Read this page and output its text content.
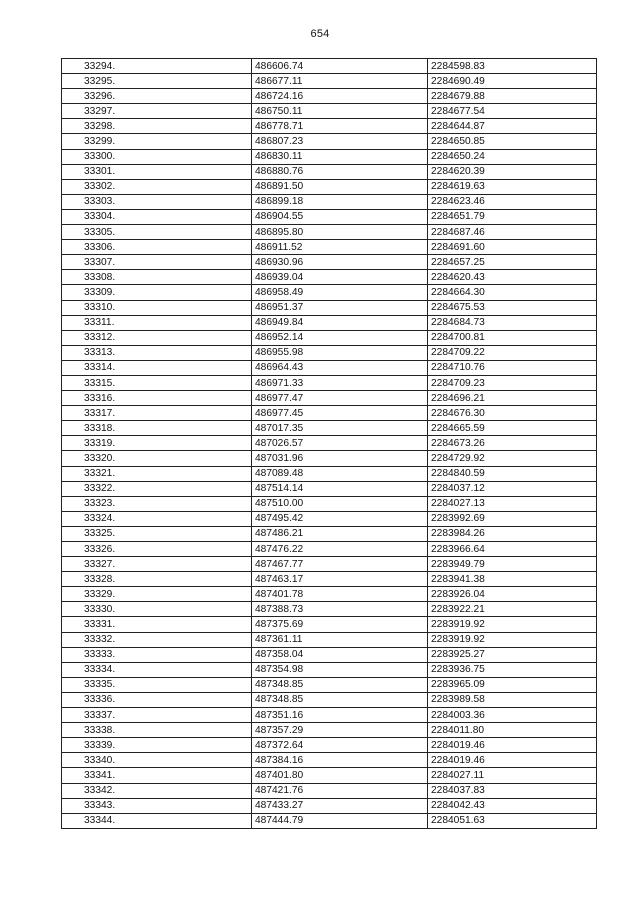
654
33294.	486606.74	2284598.83
33295.	486677.11	2284690.49
33296.	486724.16	2284679.88
33297.	486750.11	2284677.54
33298.	486778.71	2284644.87
33299.	486807.23	2284650.85
33300.	486830.11	2284650.24
33301.	486880.76	2284620.39
33302.	486891.50	2284619.63
33303.	486899.18	2284623.46
33304.	486904.55	2284651.79
33305.	486895.80	2284687.46
33306.	486911.52	2284691.60
33307.	486930.96	2284657.25
33308.	486939.04	2284620.43
33309.	486958.49	2284664.30
33310.	486951.37	2284675.53
33311.	486949.84	2284684.73
33312.	486952.14	2284700.81
33313.	486955.98	2284709.22
33314.	486964.43	2284710.76
33315.	486971.33	2284709.23
33316.	486977.47	2284696.21
33317.	486977.45	2284676.30
33318.	487017.35	2284665.59
33319.	487026.57	2284673.26
33320.	487031.96	2284729.92
33321.	487089.48	2284840.59
33322.	487514.14	2284037.12
33323.	487510.00	2284027.13
33324.	487495.42	2283992.69
33325.	487486.21	2283984.26
33326.	487476.22	2283966.64
33327.	487467.77	2283949.79
33328.	487463.17	2283941.38
33329.	487401.78	2283926.04
33330.	487388.73	2283922.21
33331.	487375.69	2283919.92
33332.	487361.11	2283919.92
33333.	487358.04	2283925.27
33334.	487354.98	2283936.75
33335.	487348.85	2283965.09
33336.	487348.85	2283989.58
33337.	487351.16	2284003.36
33338.	487357.29	2284011.80
33339.	487372.64	2284019.46
33340.	487384.16	2284019.46
33341.	487401.80	2284027.11
33342.	487421.76	2284037.83
33343.	487433.27	2284042.43
33344.	487444.79	2284051.63
